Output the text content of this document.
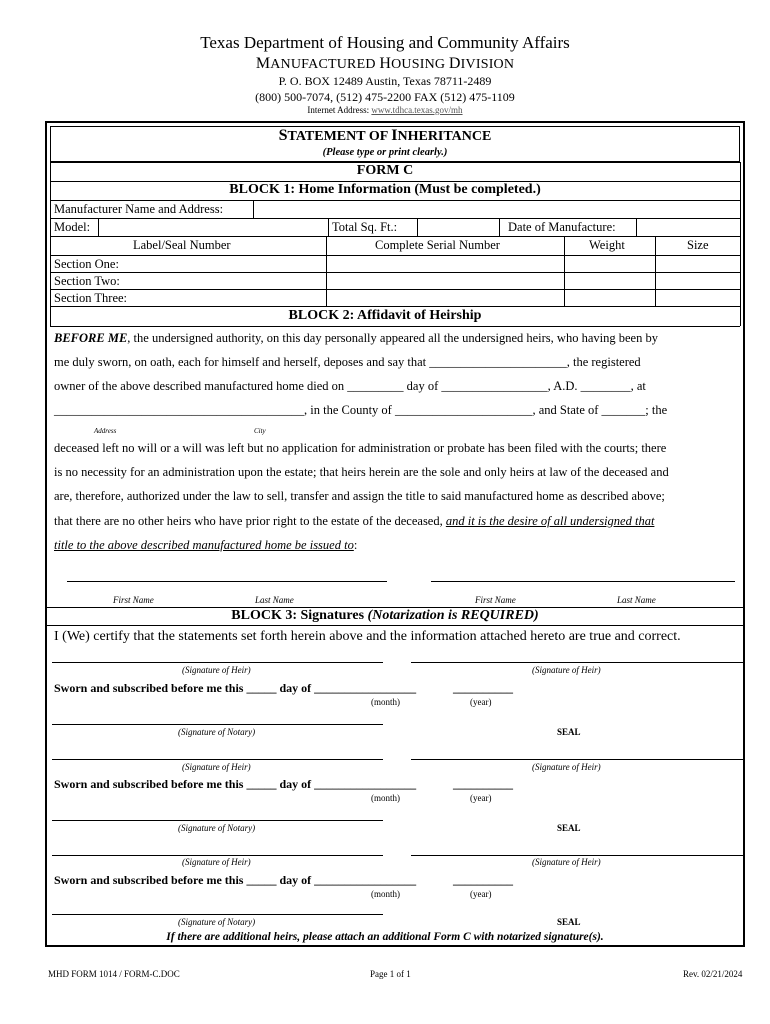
Texas Department of Housing and Community Affairs
MANUFACTURED HOUSING DIVISION
P. O. BOX 12489 Austin, Texas 78711-2489
(800) 500-7074, (512) 475-2200 FAX (512) 475-1109
Internet Address: www.tdhca.texas.gov/mh
STATEMENT OF INHERITANCE
(Please type or print clearly.)
FORM C
BLOCK 1: Home Information (Must be completed.)
Manufacturer Name and Address:
Model:	Total Sq. Ft.:	Date of Manufacture:
Label/Seal Number	Complete Serial Number	Weight	Size
Section One:
Section Two:
Section Three:
BLOCK 2: Affidavit of Heirship
BEFORE ME, the undersigned authority, on this day personally appeared all the undersigned heirs, who having been by
me duly sworn, on oath, each for himself and herself, deposes and say that ______________________, the registered
owner of the above described manufactured home died on _________ day of _________________, A.D. ________, at
________________________________________, in the County of ______________________, and State of _______; the
Address	City
deceased left no will or a will was left but no application for administration or probate has been filed with the courts; there
is no necessity for an administration upon the estate; that heirs herein are the sole and only heirs at law of the deceased and
are, therefore, authorized under the law to sell, transfer and assign the title to said manufactured home as described above;
that there are no other heirs who have prior right to the estate of the deceased, and it is the desire of all undersigned that
title to the above described manufactured home be issued to:
First Name	Last Name	First Name	Last Name
BLOCK 3: Signatures (Notarization is REQUIRED)
I (We) certify that the statements set forth herein above and the information attached hereto are true and correct.
(Signature of Heir)	(Signature of Heir)
Sworn and subscribed before me this _____ day of _________________	__________
(month)	(year)
(Signature of Notary)	SEAL
(Signature of Heir)	(Signature of Heir)
Sworn and subscribed before me this _____ day of _________________	__________
(month)	(year)
(Signature of Notary)	SEAL
(Signature of Heir)	(Signature of Heir)
Sworn and subscribed before me this _____ day of _________________	__________
(month)	(year)
(Signature of Notary)	SEAL
If there are additional heirs, please attach an additional Form C with notarized signature(s).
MHD FORM 1014 / FORM-C.DOC	Page 1 of 1	Rev. 02/21/2024
